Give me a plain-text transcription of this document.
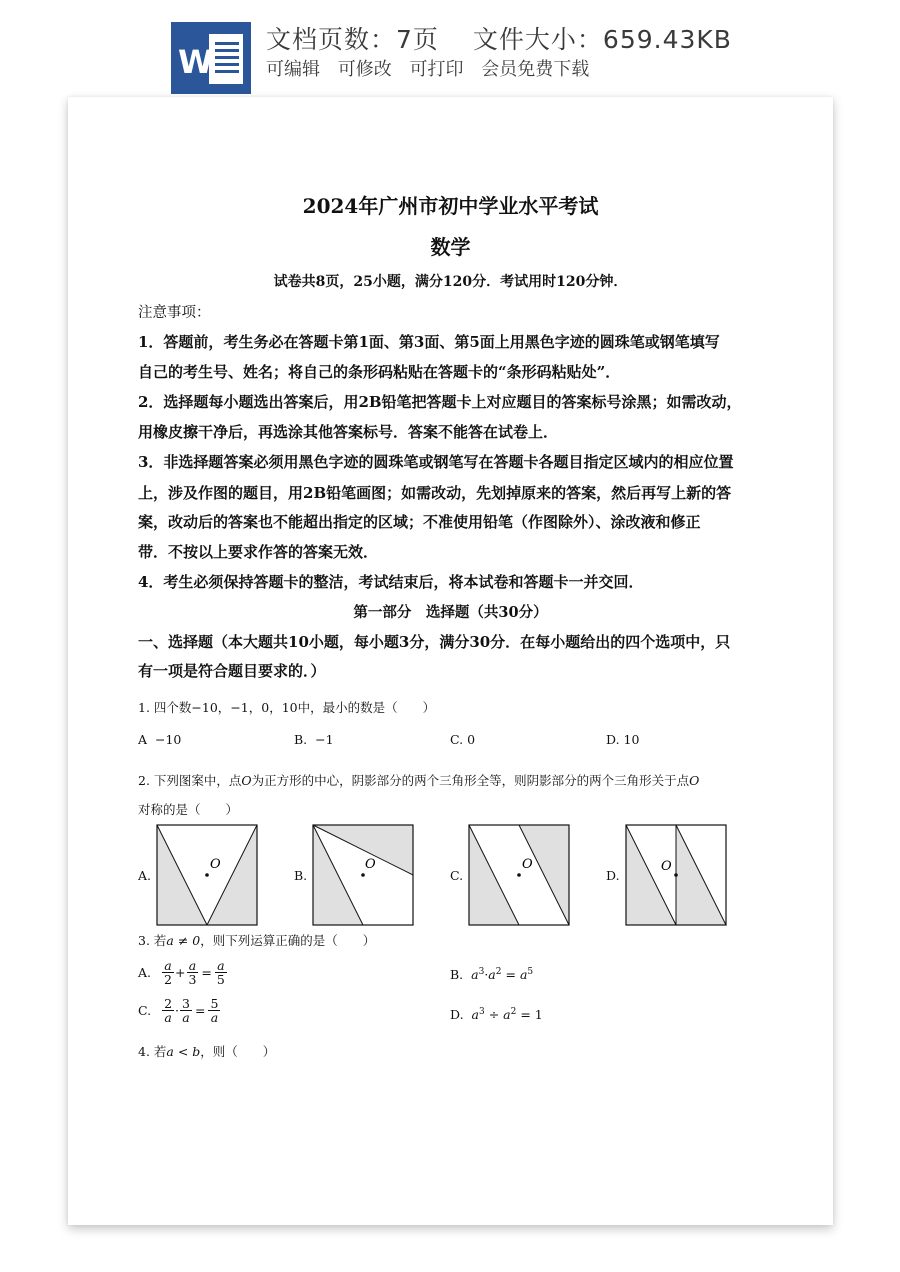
W
文档页数：7页 文件大小：659.43KB
可编辑 可修改 可打印 会员免费下载
2024年广州市初中学业水平考试
数学
试卷共8页，25小题，满分120分．考试用时120分钟．
注意事项：
1．答题前，考生务必在答题卡第1面、第3面、第5面上用黑色字迹的圆珠笔或钢笔填写
自己的考生号、姓名；将自己的条形码粘贴在答题卡的“条形码粘贴处”．
2．选择题每小题选出答案后，用2B铅笔把答题卡上对应题目的答案标号涂黑；如需改动，
用橡皮擦干净后，再选涂其他答案标号．答案不能答在试卷上．
3．非选择题答案必须用黑色字迹的圆珠笔或钢笔写在答题卡各题目指定区域内的相应位置
上，涉及作图的题目，用2B铅笔画图；如需改动，先划掉原来的答案，然后再写上新的答
案，改动后的答案也不能超出指定的区域；不准使用铅笔（作图除外）、涂改液和修正
带．不按以上要求作答的答案无效．
4．考生必须保持答题卡的整洁，考试结束后，将本试卷和答题卡一并交回．
第一部分　选择题（共30分）
一、选择题（本大题共10小题，每小题3分，满分30分．在每小题给出的四个选项中，只
有一项是符合题目要求的．）
1. 四个数−10，−1，0，10中，最小的数是（　　）
A −10	B. −1	C. 0	D. 10
2. 下列图案中，点O为正方形的中心，阴影部分的两个三角形全等，则阴影部分的两个三角形关于点O
对称的是（　　）
A.
O
B.
O
C.
O
D.
O
3. 若a ≠ 0，则下列运算正确的是（　　）
A. $\frac{a}{2} + \frac{a}{3} = \frac{a}{5}$	B. $a^3\cdot a^2 = a^5$
C. $\frac{2}{a} \cdot \frac{3}{a} = \frac{5}{a}$	D. $a^3 \div a^2 = 1$
4. 若a < b，则（　　）
